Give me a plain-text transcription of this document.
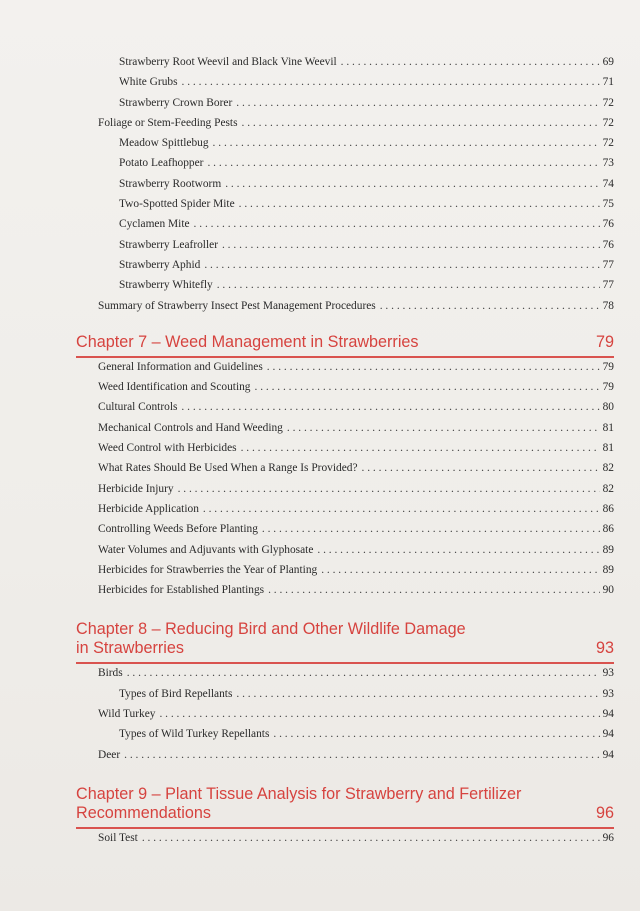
Strawberry Root Weevil and Black Vine Weevil . . .	69
White Grubs . . .	71
Strawberry Crown Borer . . .	72
Foliage or Stem-Feeding Pests . . .	72
Meadow Spittlebug . . .	72
Potato Leafhopper . . .	73
Strawberry Rootworm . . .	74
Two-Spotted Spider Mite . . .	75
Cyclamen Mite . . .	76
Strawberry Leafroller . . .	76
Strawberry Aphid . . .	77
Strawberry Whitefly . . .	77
Summary of Strawberry Insect Pest Management Procedures . . .	78
Chapter 7 – Weed Management in Strawberries	79
General Information and Guidelines . . .	79
Weed Identification and Scouting . . .	79
Cultural Controls . . .	80
Mechanical Controls and Hand Weeding . . .	81
Weed Control with Herbicides . . .	81
What Rates Should Be Used When a Range Is Provided? . . .	82
Herbicide Injury . . .	82
Herbicide Application . . .	86
Controlling Weeds Before Planting . . .	86
Water Volumes and Adjuvants with Glyphosate . . .	89
Herbicides for Strawberries the Year of Planting . . .	89
Herbicides for Established Plantings . . .	90
Chapter 8 – Reducing Bird and Other Wildlife Damage
in Strawberries	93
Birds . . .	93
Types of Bird Repellants . . .	93
Wild Turkey . . .	94
Types of Wild Turkey Repellants . . .	94
Deer . . .	94
Chapter 9 – Plant Tissue Analysis for Strawberry and Fertilizer
Recommendations	96
Soil Test . . .	96
